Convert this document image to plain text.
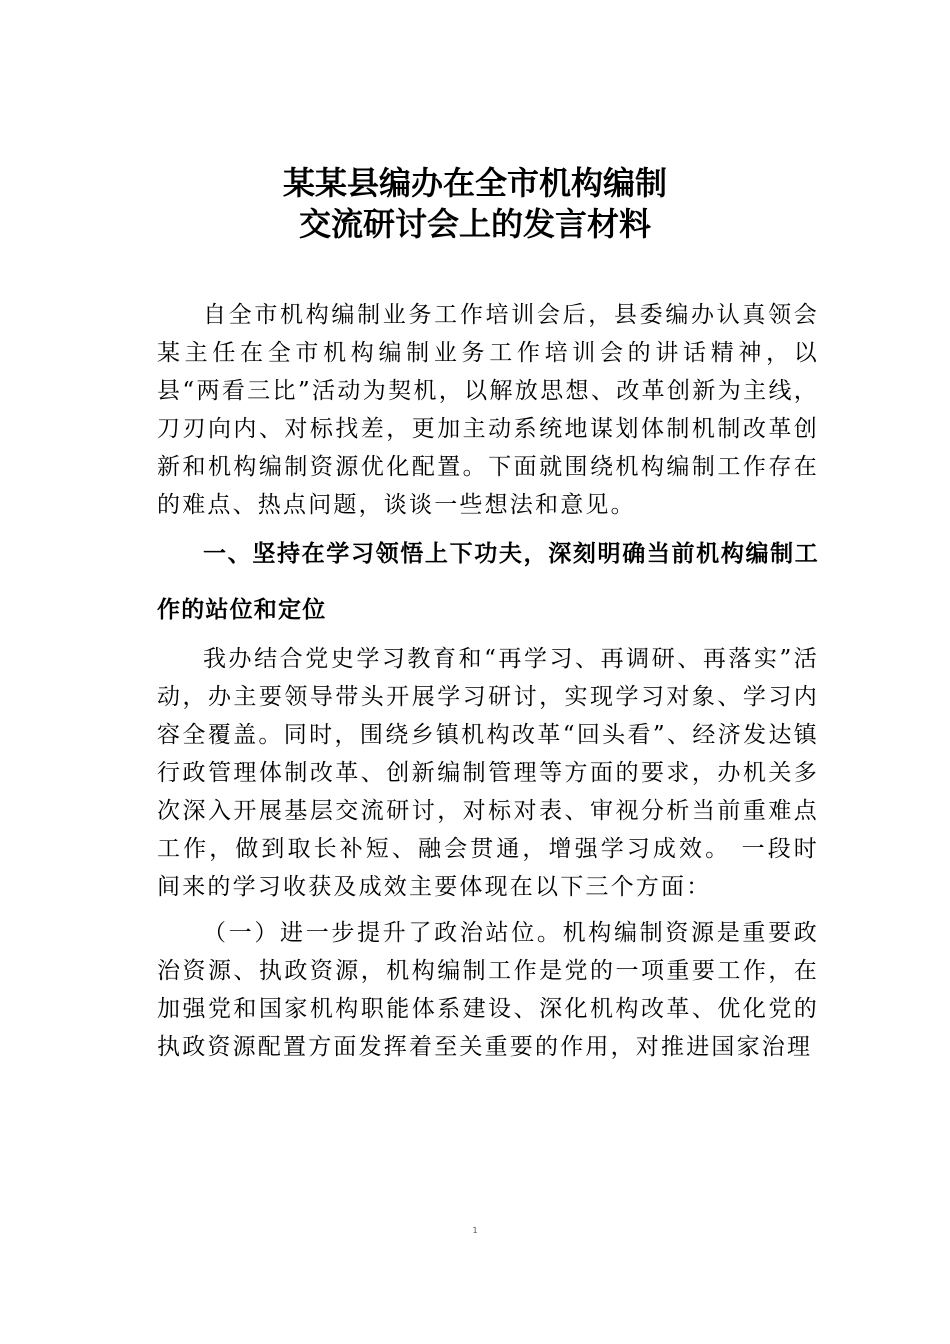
某某县编办在全市机构编制
交流研讨会上的发言材料

自全市机构编制业务工作培训会后，县委编办认真领会某主任在全市机构编制业务工作培训会的讲话精神，以县“两看三比”活动为契机，以解放思想、改革创新为主线，刀刃向内、对标找差，更加主动系统地谋划体制机制改革创新和机构编制资源优化配置。下面就围绕机构编制工作存在的难点、热点问题，谈谈一些想法和意见。

一、坚持在学习领悟上下功夫，深刻明确当前机构编制工作的站位和定位

我办结合党史学习教育和“再学习、再调研、再落实”活动，办主要领导带头开展学习研讨，实现学习对象、学习内容全覆盖。同时，围绕乡镇机构改革“回头看”、经济发达镇行政管理体制改革、创新编制管理等方面的要求，办机关多次深入开展基层交流研讨，对标对表、审视分析当前重难点工作，做到取长补短、融会贯通，增强学习成效。 一段时间来的学习收获及成效主要体现在以下三个方面：

（一）进一步提升了政治站位。机构编制资源是重要政治资源、执政资源，机构编制工作是党的一项重要工作，在加强党和国家机构职能体系建设、深化机构改革、优化党的执政资源配置方面发挥着至关重要的作用，对推进国家治理

1
